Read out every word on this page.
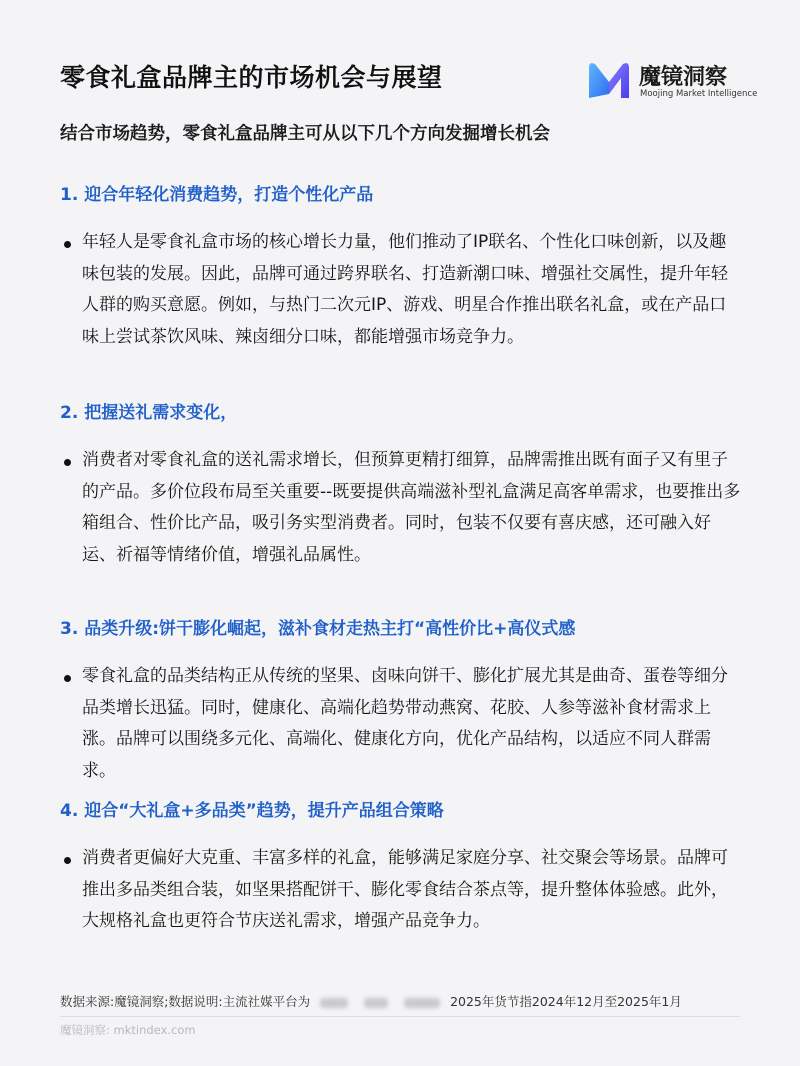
零食礼盒品牌主的市场机会与展望	魔镜洞察
Moojing Market Intelligence
结合市场趋势，零食礼盒品牌主可从以下几个方向发掘增长机会
1. 迎合年轻化消费趋势，打造个性化产品
年轻人是零食礼盒市场的核心增长力量，他们推动了IP联名、个性化口味创新，以及趣味包装的发展。因此，品牌可通过跨界联名、打造新潮口味、增强社交属性，提升年轻人群的购买意愿。例如，与热门二次元IP、游戏、明星合作推出联名礼盒，或在产品口味上尝试茶饮风味、辣卤细分口味，都能增强市场竞争力。
2. 把握送礼需求变化，
消费者对零食礼盒的送礼需求增长，但预算更精打细算，品牌需推出既有面子又有里子的产品。多价位段布局至关重要--既要提供高端滋补型礼盒满足高客单需求，也要推出多箱组合、性价比产品，吸引务实型消费者。同时，包装不仅要有喜庆感，还可融入好运、祈福等情绪价值，增强礼品属性。
3. 品类升级:饼干膨化崛起，滋补食材走热主打“高性价比+高仪式感
零食礼盒的品类结构正从传统的坚果、卤味向饼干、膨化扩展尤其是曲奇、蛋卷等细分品类增长迅猛。同时，健康化、高端化趋势带动燕窝、花胶、人参等滋补食材需求上涨。品牌可以围绕多元化、高端化、健康化方向，优化产品结构，以适应不同人群需求。
4. 迎合“大礼盒+多品类”趋势，提升产品组合策略
消费者更偏好大克重、丰富多样的礼盒，能够满足家庭分享、社交聚会等场景。品牌可推出多品类组合装，如坚果搭配饼干、膨化零食结合茶点等，提升整体体验感。此外，大规格礼盒也更符合节庆送礼需求，增强产品竞争力。
数据来源:魔镜洞察;数据说明:主流社媒平台为	2025年货节指2024年12月至2025年1月
魔镜洞察: mktindex.com
